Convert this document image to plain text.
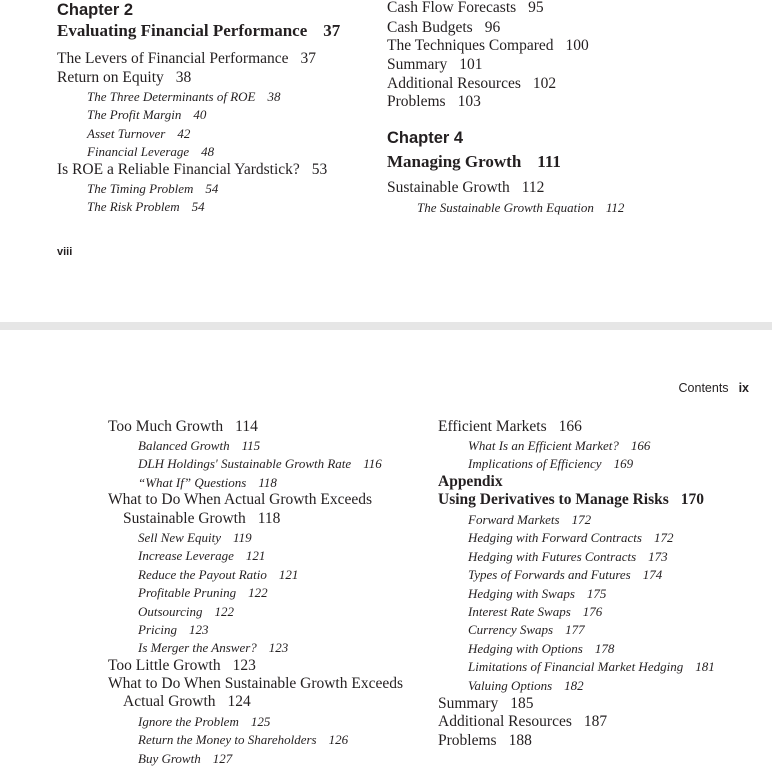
Chapter 2
Evaluating Financial Performance 37
The Levers of Financial Performance 37
Return on Equity 38
The Three Determinants of ROE 38
The Profit Margin 40
Asset Turnover 42
Financial Leverage 48
Is ROE a Reliable Financial Yardstick? 53
The Timing Problem 54
The Risk Problem 54
Cash Flow Forecasts 95
Cash Budgets 96
The Techniques Compared 100
Summary 101
Additional Resources 102
Problems 103
Chapter 4
Managing Growth 111
Sustainable Growth 112
The Sustainable Growth Equation 112
viii
Contents ix
Too Much Growth 114
Balanced Growth 115
DLH Holdings' Sustainable Growth Rate 116
“What If” Questions 118
What to Do When Actual Growth Exceeds
Sustainable Growth 118
Sell New Equity 119
Increase Leverage 121
Reduce the Payout Ratio 121
Profitable Pruning 122
Outsourcing 122
Pricing 123
Is Merger the Answer? 123
Too Little Growth 123
What to Do When Sustainable Growth Exceeds
Actual Growth 124
Ignore the Problem 125
Return the Money to Shareholders 126
Buy Growth 127
Efficient Markets 166
What Is an Efficient Market? 166
Implications of Efficiency 169
Appendix
Using Derivatives to Manage Risks 170
Forward Markets 172
Hedging with Forward Contracts 172
Hedging with Futures Contracts 173
Types of Forwards and Futures 174
Hedging with Swaps 175
Interest Rate Swaps 176
Currency Swaps 177
Hedging with Options 178
Limitations of Financial Market Hedging 181
Valuing Options 182
Summary 185
Additional Resources 187
Problems 188
